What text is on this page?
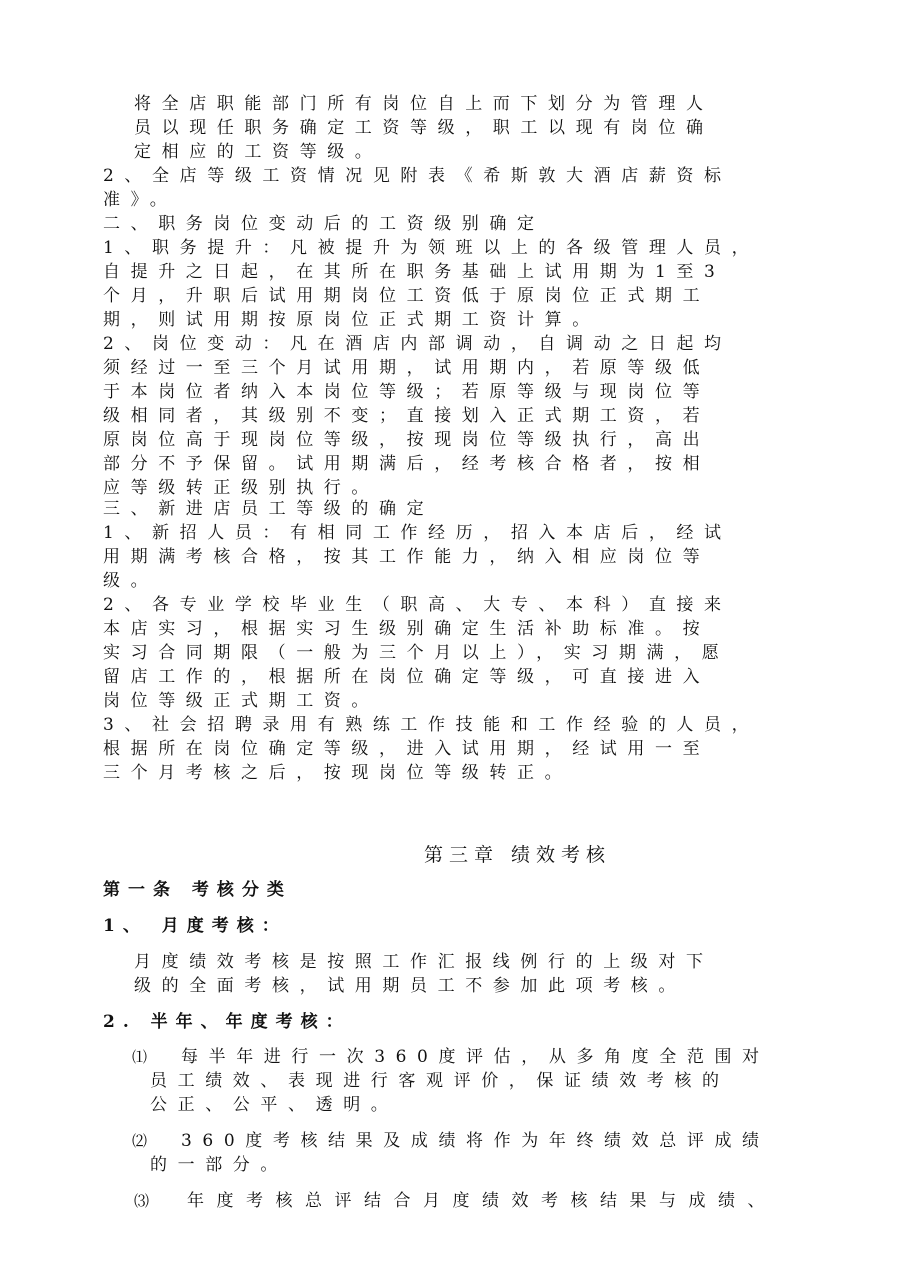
将全店职能部门所有岗位自上而下划分为管理人
员以现任职务确定工资等级，职工以现有岗位确
定相应的工资等级。
2、全店等级工资情况见附表《希斯敦大酒店薪资标
准》。
二、职务岗位变动后的工资级别确定
1、职务提升：凡被提升为领班以上的各级管理人员，
自提升之日起，在其所在职务基础上试用期为1至3
个月，升职后试用期岗位工资低于原岗位正式期工
期，则试用期按原岗位正式期工资计算。
2、岗位变动：凡在酒店内部调动，自调动之日起均
须经过一至三个月试用期，试用期内，若原等级低
于本岗位者纳入本岗位等级；若原等级与现岗位等
级相同者，其级别不变；直接划入正式期工资，若
原岗位高于现岗位等级，按现岗位等级执行，高出
部分不予保留。试用期满后，经考核合格者，按相
应等级转正级别执行。
三、新进店员工等级的确定
1、新招人员：有相同工作经历，招入本店后，经试
用期满考核合格，按其工作能力，纳入相应岗位等
级。
2、各专业学校毕业生（职高、大专、本科）直接来
本店实习，根据实习生级别确定生活补助标准。按
实习合同期限（一般为三个月以上），实习期满，愿
留店工作的，根据所在岗位确定等级，可直接进入
岗位等级正式期工资。
3、社会招聘录用有熟练工作技能和工作经验的人员，
根据所在岗位确定等级，进入试用期，经试用一至
三个月考核之后，按现岗位等级转正。
第三章 绩效考核
第一条 考核分类
1、 月度考核：
月度绩效考核是按照工作汇报线例行的上级对下
级的全面考核，试用期员工不参加此项考核。
2. 半年、年度考核：
⑴ 每半年进行一次360度评估，从多角度全范围对
员工绩效、表现进行客观评价，保证绩效考核的
公正、公平、透明。
⑵ 360度考核结果及成绩将作为年终绩效总评成绩
的一部分。
⑶ 年度考核总评结合月度绩效考核结果与成绩、
